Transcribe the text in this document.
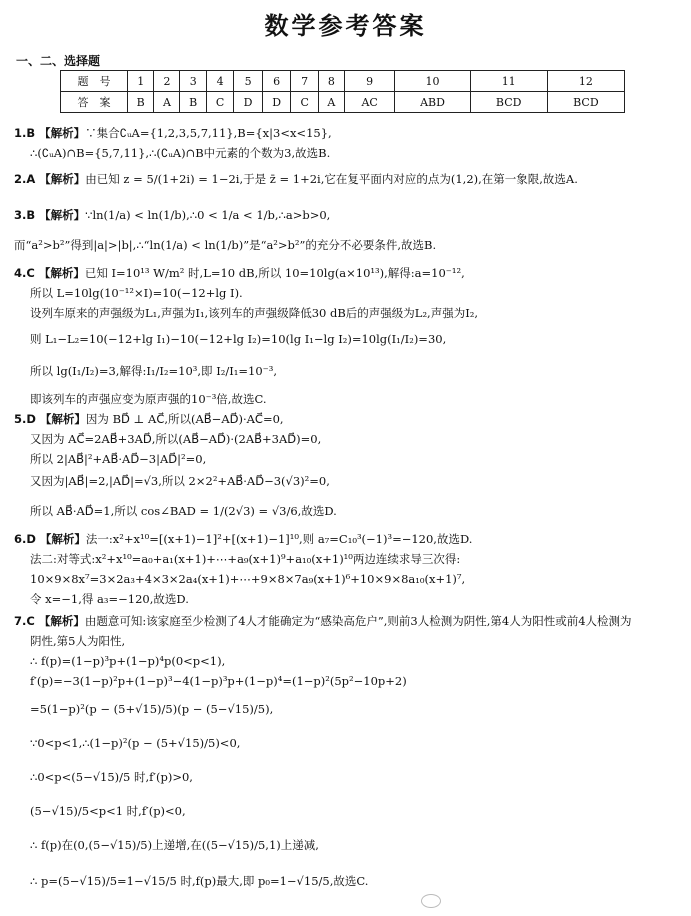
数学参考答案
一、二、选择题
题　号	1	2	3	4	5	6	7	8	9	10	11	12
答　案	B	A	B	C	D	D	C	A	AC	ABD	BCD	BCD
1.B 【解析】∵集合∁ᵤA={1,2,3,5,7,11},B={x|3<x<15},
∴(∁ᵤA)∩B={5,7,11},∴(∁ᵤA)∩B中元素的个数为3,故选B.
2.A 【解析】由已知 z = 5/(1+2i) = 1−2i,于是 z̄ = 1+2i,它在复平面内对应的点为(1,2),在第一象限,故选A.
3.B 【解析】∵ln(1/a) < ln(1/b),∴0 < 1/a < 1/b,∴a>b>0,
而“a²>b²”得到|a|>|b|,∴“ln(1/a) < ln(1/b)”是“a²>b²”的充分不必要条件,故选B.
4.C 【解析】已知 I=10¹³ W/m² 时,L=10 dB,所以 10=10lg(a×10¹³),解得:a=10⁻¹²,
所以 L=10lg(10⁻¹²×I)=10(−12+lg I).
设列车原来的声强级为L₁,声强为I₁,该列车的声强级降低30 dB后的声强级为L₂,声强为I₂,
则 L₁−L₂=10(−12+lg I₁)−10(−12+lg I₂)=10(lg I₁−lg I₂)=10lg(I₁/I₂)=30,
所以 lg(I₁/I₂)=3,解得:I₁/I₂=10³,即 I₂/I₁=10⁻³,
即该列车的声强应变为原声强的10⁻³倍,故选C.
5.D 【解析】因为 BD⃗ ⊥ AC⃗,所以(AB⃗−AD⃗)·AC⃗=0,
又因为 AC⃗=2AB⃗+3AD⃗,所以(AB⃗−AD⃗)·(2AB⃗+3AD⃗)=0,
所以 2|AB⃗|²+AB⃗·AD⃗−3|AD⃗|²=0,
又因为|AB⃗|=2,|AD⃗|=√3,所以 2×2²+AB⃗·AD⃗−3(√3)²=0,
所以 AB⃗·AD⃗=1,所以 cos∠BAD = 1/(2√3) = √3/6,故选D.
6.D 【解析】法一:x²+x¹⁰=[(x+1)−1]²+[(x+1)−1]¹⁰,则 a₇=C₁₀³(−1)³=−120,故选D.
法二:对等式:x²+x¹⁰=a₀+a₁(x+1)+⋯+a₉(x+1)⁹+a₁₀(x+1)¹⁰两边连续求导三次得:
10×9×8x⁷=3×2a₃+4×3×2a₄(x+1)+⋯+9×8×7a₉(x+1)⁶+10×9×8a₁₀(x+1)⁷,
令 x=−1,得 a₃=−120,故选D.
7.C 【解析】由题意可知:该家庭至少检测了4人才能确定为“感染高危户”,则前3人检测为阴性,第4人为阳性或前4人检测为
阴性,第5人为阳性,
∴ f(p)=(1−p)³p+(1−p)⁴p(0<p<1),
f′(p)=−3(1−p)²p+(1−p)³−4(1−p)³p+(1−p)⁴=(1−p)²(5p²−10p+2)
=5(1−p)²(p − (5+√15)/5)(p − (5−√15)/5),
∵0<p<1,∴(1−p)²(p − (5+√15)/5)<0,
∴0<p<(5−√15)/5 时,f′(p)>0,
(5−√15)/5<p<1 时,f′(p)<0,
∴ f(p)在(0,(5−√15)/5)上递增,在((5−√15)/5,1)上递减,
∴ p=(5−√15)/5=1−√15/5 时,f(p)最大,即 p₀=1−√15/5,故选C.
